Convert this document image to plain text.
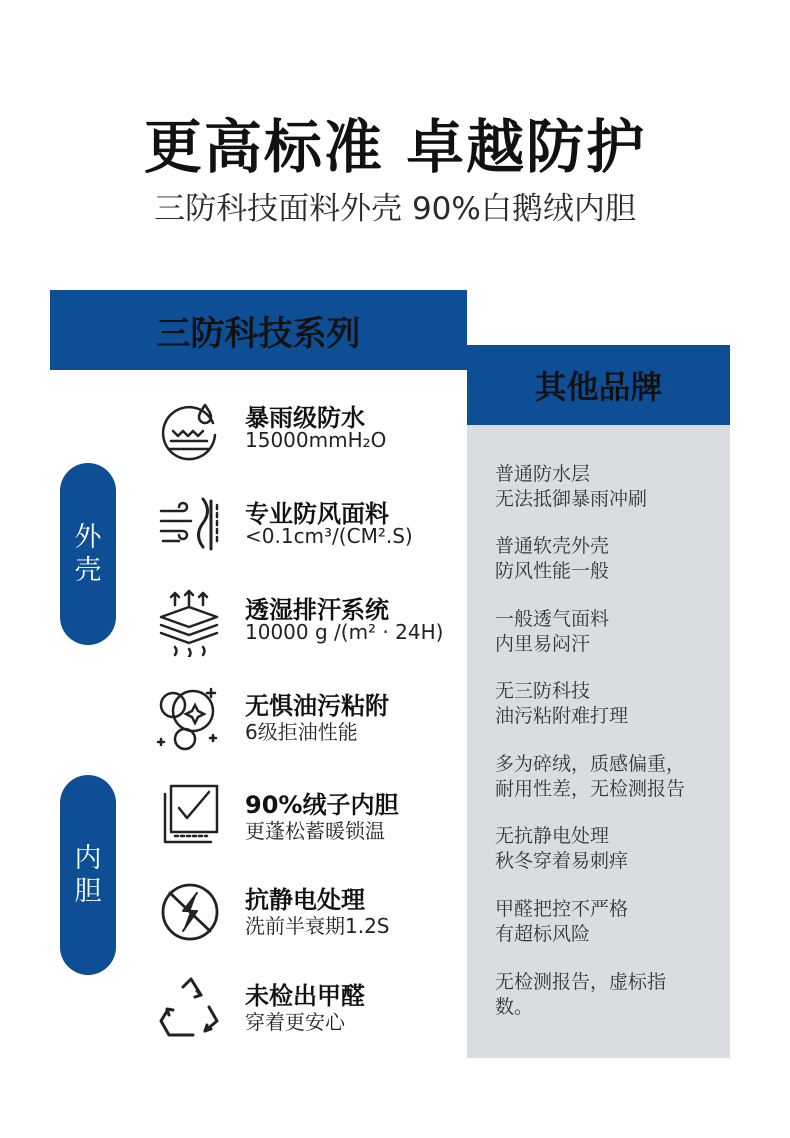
更高标准 卓越防护
三防科技面料外壳 90%白鹅绒内胆
三防科技系列
其他品牌
外
壳
内
胆
暴雨级防水
15000mmH₂O
专业防风面料
<0.1cm³/(CM².S)
透湿排汗系统
10000 g /(m² · 24H)
无惧油污粘附
6级拒油性能
90%绒子内胆
更蓬松蓄暖锁温
抗静电处理
洗前半衰期1.2S
未检出甲醛
穿着更安心
普通防水层
无法抵御暴雨冲刷
普通软壳外壳
防风性能一般
一般透气面料
内里易闷汗
无三防科技
油污粘附难打理
多为碎绒，质感偏重，
耐用性差，无检测报告
无抗静电处理
秋冬穿着易刺痒
甲醛把控不严格
有超标风险
无检测报告，虚标指
数。
